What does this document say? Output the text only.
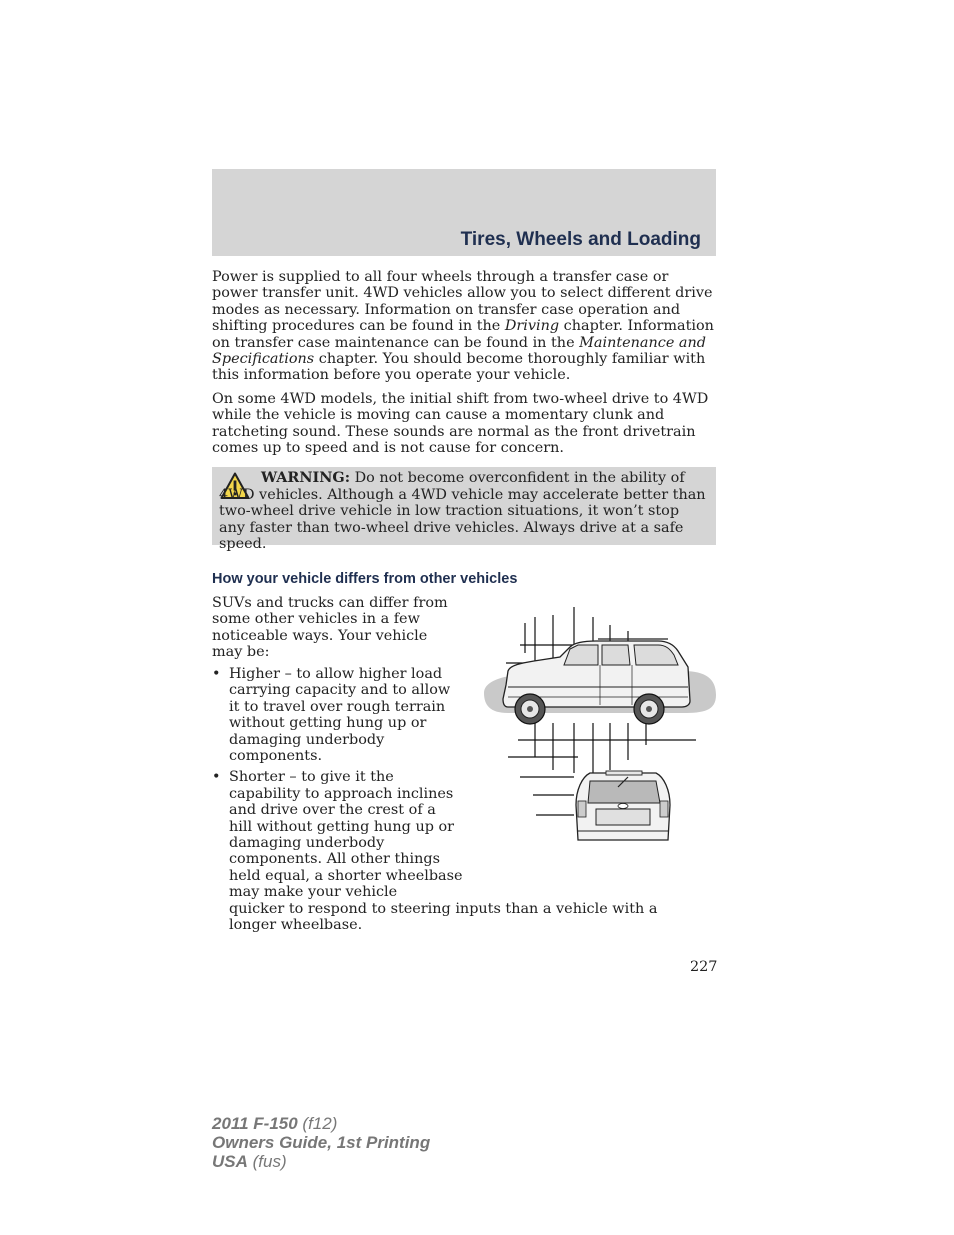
Tires, Wheels and Loading

Power is supplied to all four wheels through a transfer case or power transfer unit. 4WD vehicles allow you to select different drive modes as necessary. Information on transfer case operation and shifting procedures can be found in the Driving chapter. Information on transfer case maintenance can be found in the Maintenance and Specifications chapter. You should become thoroughly familiar with this information before you operate your vehicle.

On some 4WD models, the initial shift from two-wheel drive to 4WD while the vehicle is moving can cause a momentary clunk and ratcheting sound. These sounds are normal as the front drivetrain comes up to speed and is not cause for concern.

WARNING: Do not become overconfident in the ability of 4WD vehicles. Although a 4WD vehicle may accelerate better than two-wheel drive vehicle in low traction situations, it won’t stop any faster than two-wheel drive vehicles. Always drive at a safe speed.

How your vehicle differs from other vehicles

SUVs and trucks can differ from some other vehicles in a few noticeable ways. Your vehicle may be:

• Higher – to allow higher load carrying capacity and to allow it to travel over rough terrain without getting hung up or damaging underbody components.
• Shorter – to give it the capability to approach inclines and drive over the crest of a hill without getting hung up or damaging underbody components. All other things held equal, a shorter wheelbase may make your vehicle
quicker to respond to steering inputs than a vehicle with a longer wheelbase.
227
2011 F-150 (f12)
Owners Guide, 1st Printing
USA (fus)
